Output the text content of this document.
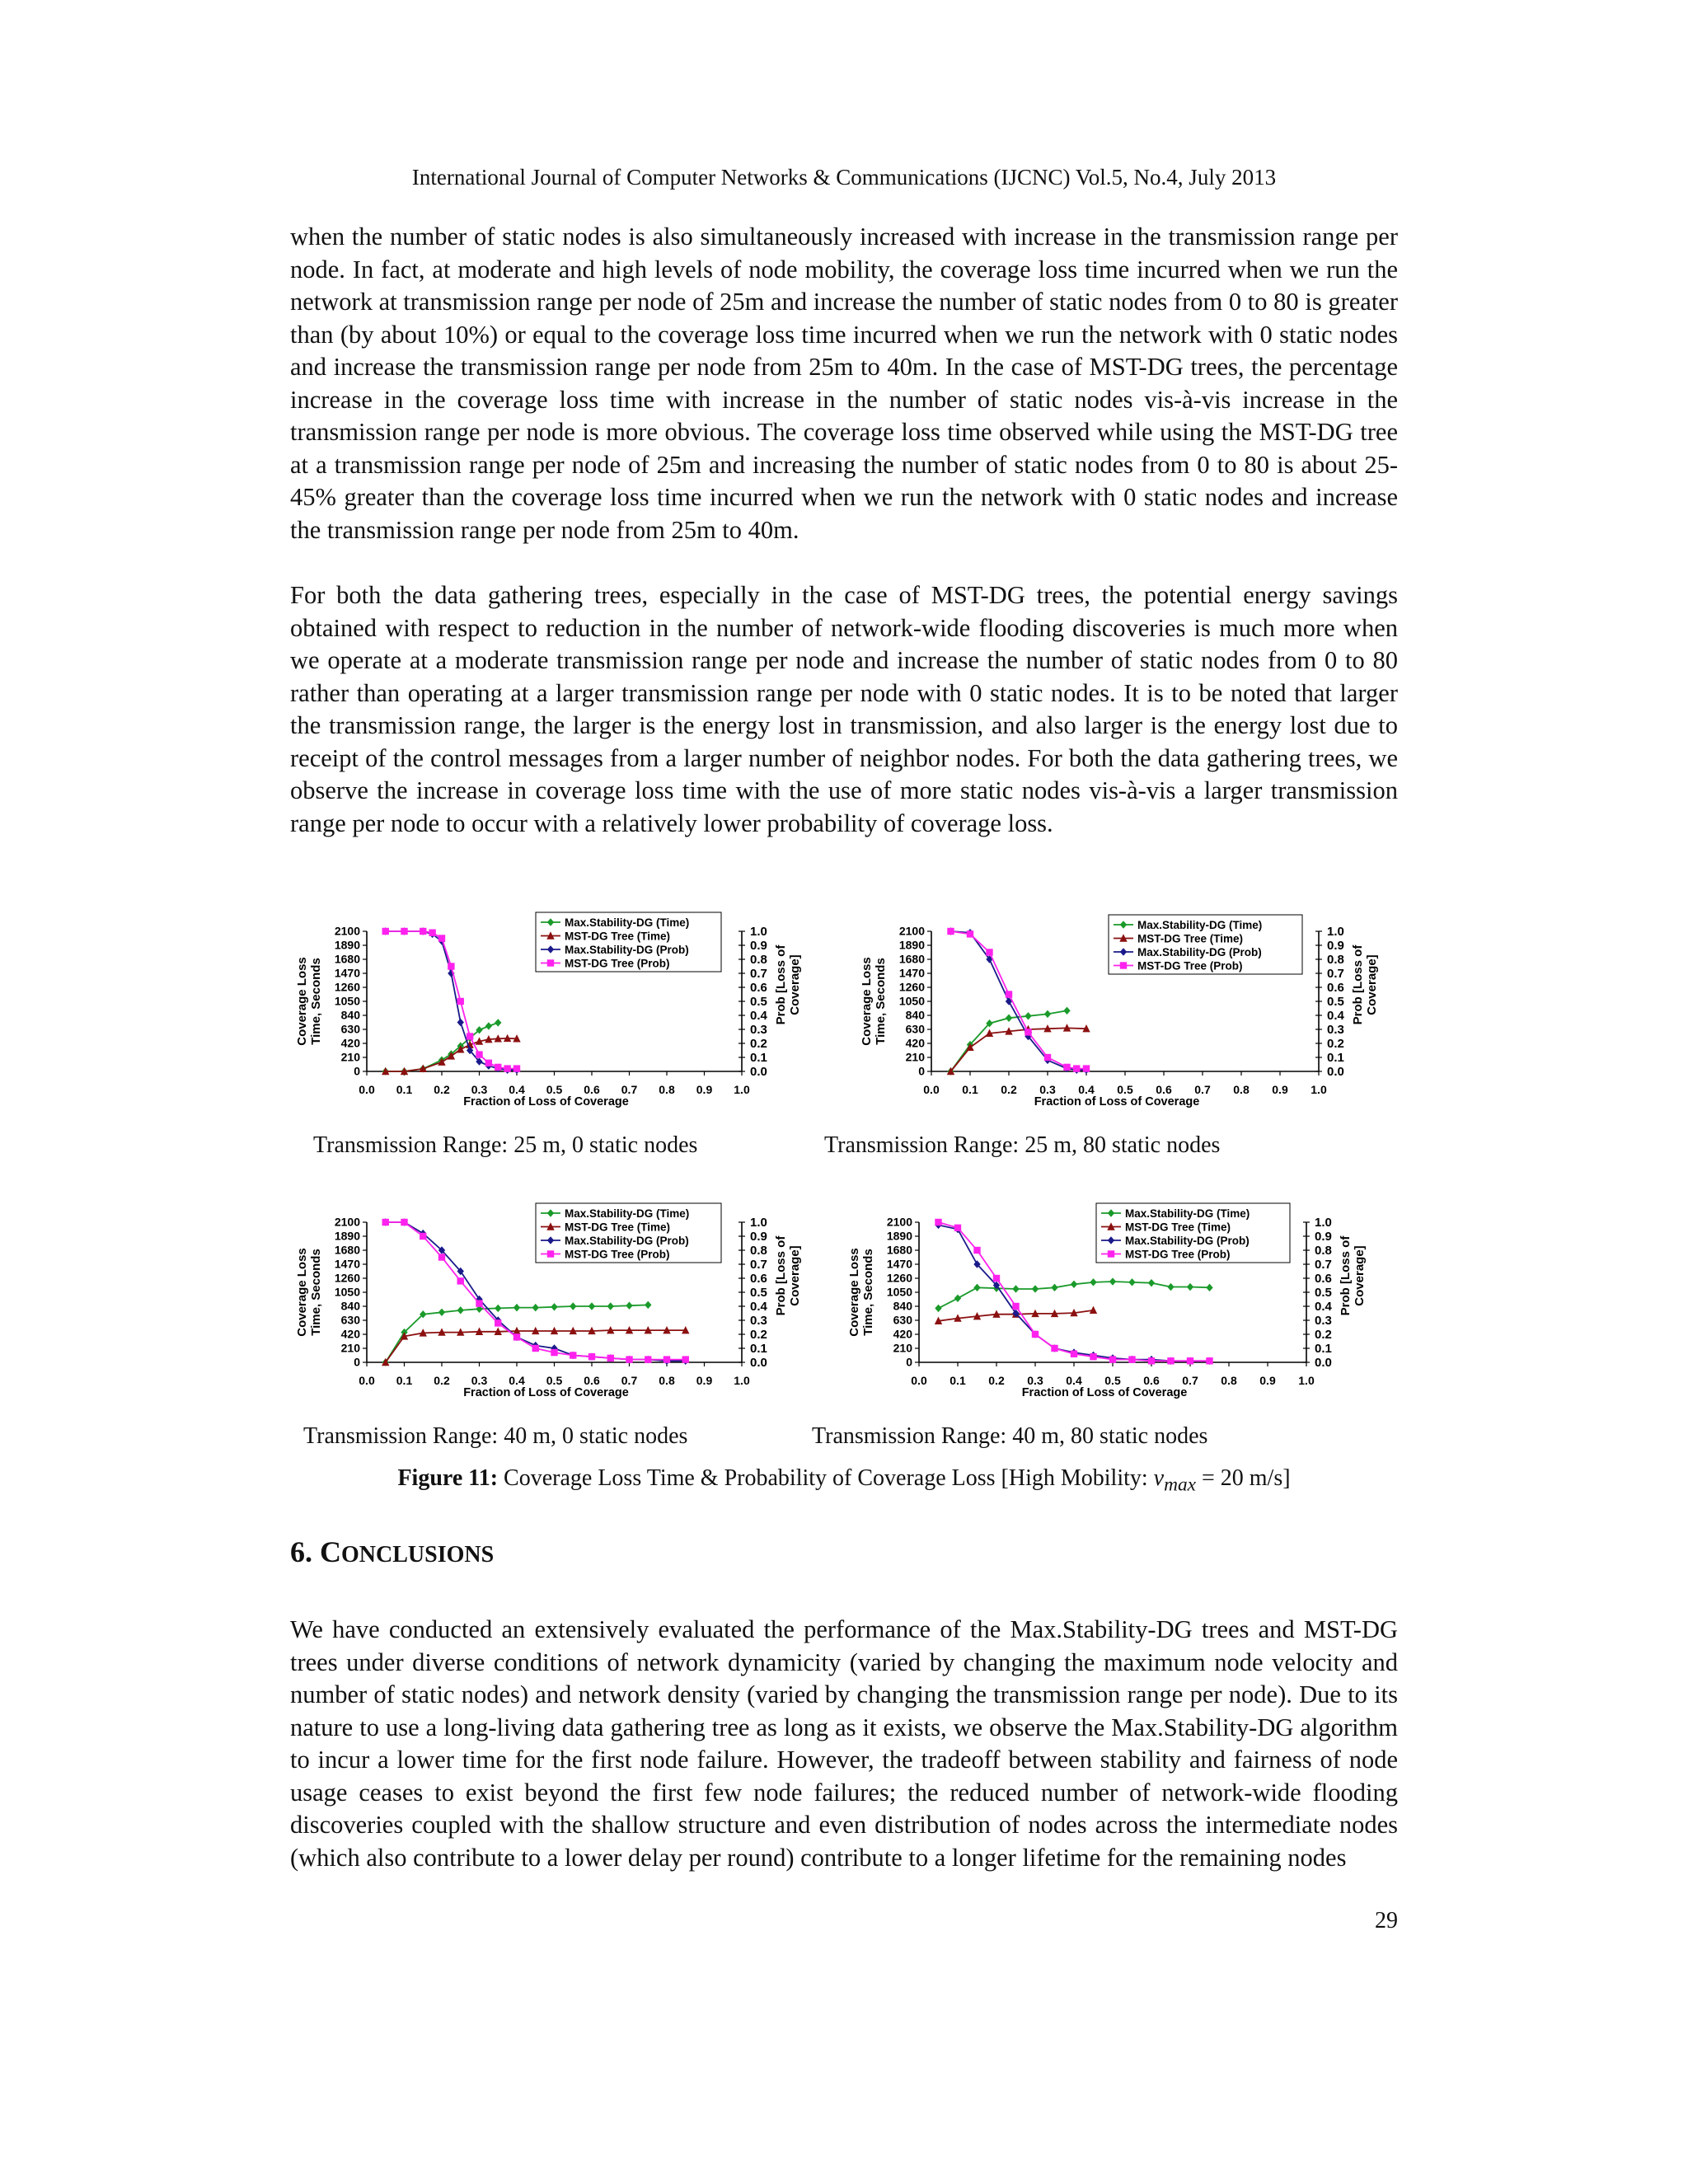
International Journal of Computer Networks & Communications (IJCNC) Vol.5, No.4, July 2013

when the number of static nodes is also simultaneously increased with increase in the transmission range per node. In fact, at moderate and high levels of node mobility, the coverage loss time incurred when we run the network at transmission range per node of 25m and increase the number of static nodes from 0 to 80 is greater than (by about 10%) or equal to the coverage loss time incurred when we run the network with 0 static nodes and increase the transmission range per node from 25m to 40m. In the case of MST-DG trees, the percentage increase in the coverage loss time with increase in the number of static nodes vis-à-vis increase in the transmission range per node is more obvious. The coverage loss time observed while using the MST-DG tree at a transmission range per node of 25m and increasing the number of static nodes from 0 to 80 is about 25-45% greater than the coverage loss time incurred when we run the network with 0 static nodes and increase the transmission range per node from 25m to 40m.

For both the data gathering trees, especially in the case of MST-DG trees, the potential energy savings obtained with respect to reduction in the number of network-wide flooding discoveries is much more when we operate at a moderate transmission range per node and increase the number of static nodes from 0 to 80 rather than operating at a larger transmission range per node with 0 static nodes. It is to be noted that larger the transmission range, the larger is the energy lost in transmission, and also larger is the energy lost due to receipt of the control messages from a larger number of neighbor nodes. For both the data gathering trees, we observe the increase in coverage loss time with the use of more static nodes vis-à-vis a larger transmission range per node to occur with a relatively lower probability of coverage loss.

2100
1890
1680
1470
1260
1050
840
630
420
210
0
1.0
0.9
0.8
0.7
0.6
0.5
0.4
0.3
0.2
0.1
0.0
0.0 0.1 0.2 0.3 0.4 0.5 0.6 0.7 0.8 0.9 1.0
Fraction of Loss of Coverage
Coverage Loss Time, Seconds	Prob [Loss of Coverage]
Max.Stability-DG (Time)
MST-DG Tree (Time)
Max.Stability-DG (Prob)
MST-DG Tree (Prob)
2100
1890
1680
1470
1260
1050
840
630
420
210
0
1.0
0.9
0.8
0.7
0.6
0.5
0.4
0.3
0.2
0.1
0.0
0.0 0.1 0.2 0.3 0.4 0.5 0.6 0.7 0.8 0.9 1.0
Fraction of Loss of Coverage
Coverage Loss Time, Seconds	Prob [Loss of Coverage]
Max.Stability-DG (Time)
MST-DG Tree (Time)
Max.Stability-DG (Prob)
MST-DG Tree (Prob)
2100
1890
1680
1470
1260
1050
840
630
420
210
0
1.0
0.9
0.8
0.7
0.6
0.5
0.4
0.3
0.2
0.1
0.0
0.0 0.1 0.2 0.3 0.4 0.5 0.6 0.7 0.8 0.9 1.0
Fraction of Loss of Coverage
Coverage Loss Time, Seconds	Prob [Loss of Coverage]
Max.Stability-DG (Time)
MST-DG Tree (Time)
Max.Stability-DG (Prob)
MST-DG Tree (Prob)
2100
1890
1680
1470
1260
1050
840
630
420
210
0
1.0
0.9
0.8
0.7
0.6
0.5
0.4
0.3
0.2
0.1
0.0
0.0 0.1 0.2 0.3 0.4 0.5 0.6 0.7 0.8 0.9 1.0
Fraction of Loss of Coverage
Coverage Loss Time, Seconds	Prob [Loss of Coverage]
Max.Stability-DG (Time)
MST-DG Tree (Time)
Max.Stability-DG (Prob)
MST-DG Tree (Prob)
Transmission Range: 25 m, 0 static nodes	Transmission Range: 25 m, 80 static nodes
Transmission Range: 40 m, 0 static nodes	Transmission Range: 40 m, 80 static nodes
Figure 11: Coverage Loss Time & Probability of Coverage Loss [High Mobility: $v_{max} = 20$ m/s]
6. CONCLUSIONS

We have conducted an extensively evaluated the performance of the Max.Stability-DG trees and MST-DG trees under diverse conditions of network dynamicity (varied by changing the maximum node velocity and number of static nodes) and network density (varied by changing the transmission range per node). Due to its nature to use a long-living data gathering tree as long as it exists, we observe the Max.Stability-DG algorithm to incur a lower time for the first node failure. However, the tradeoff between stability and fairness of node usage ceases to exist beyond the first few node failures; the reduced number of network-wide flooding discoveries coupled with the shallow structure and even distribution of nodes across the intermediate nodes (which also contribute to a lower delay per round) contribute to a longer lifetime for the remaining nodes

29
